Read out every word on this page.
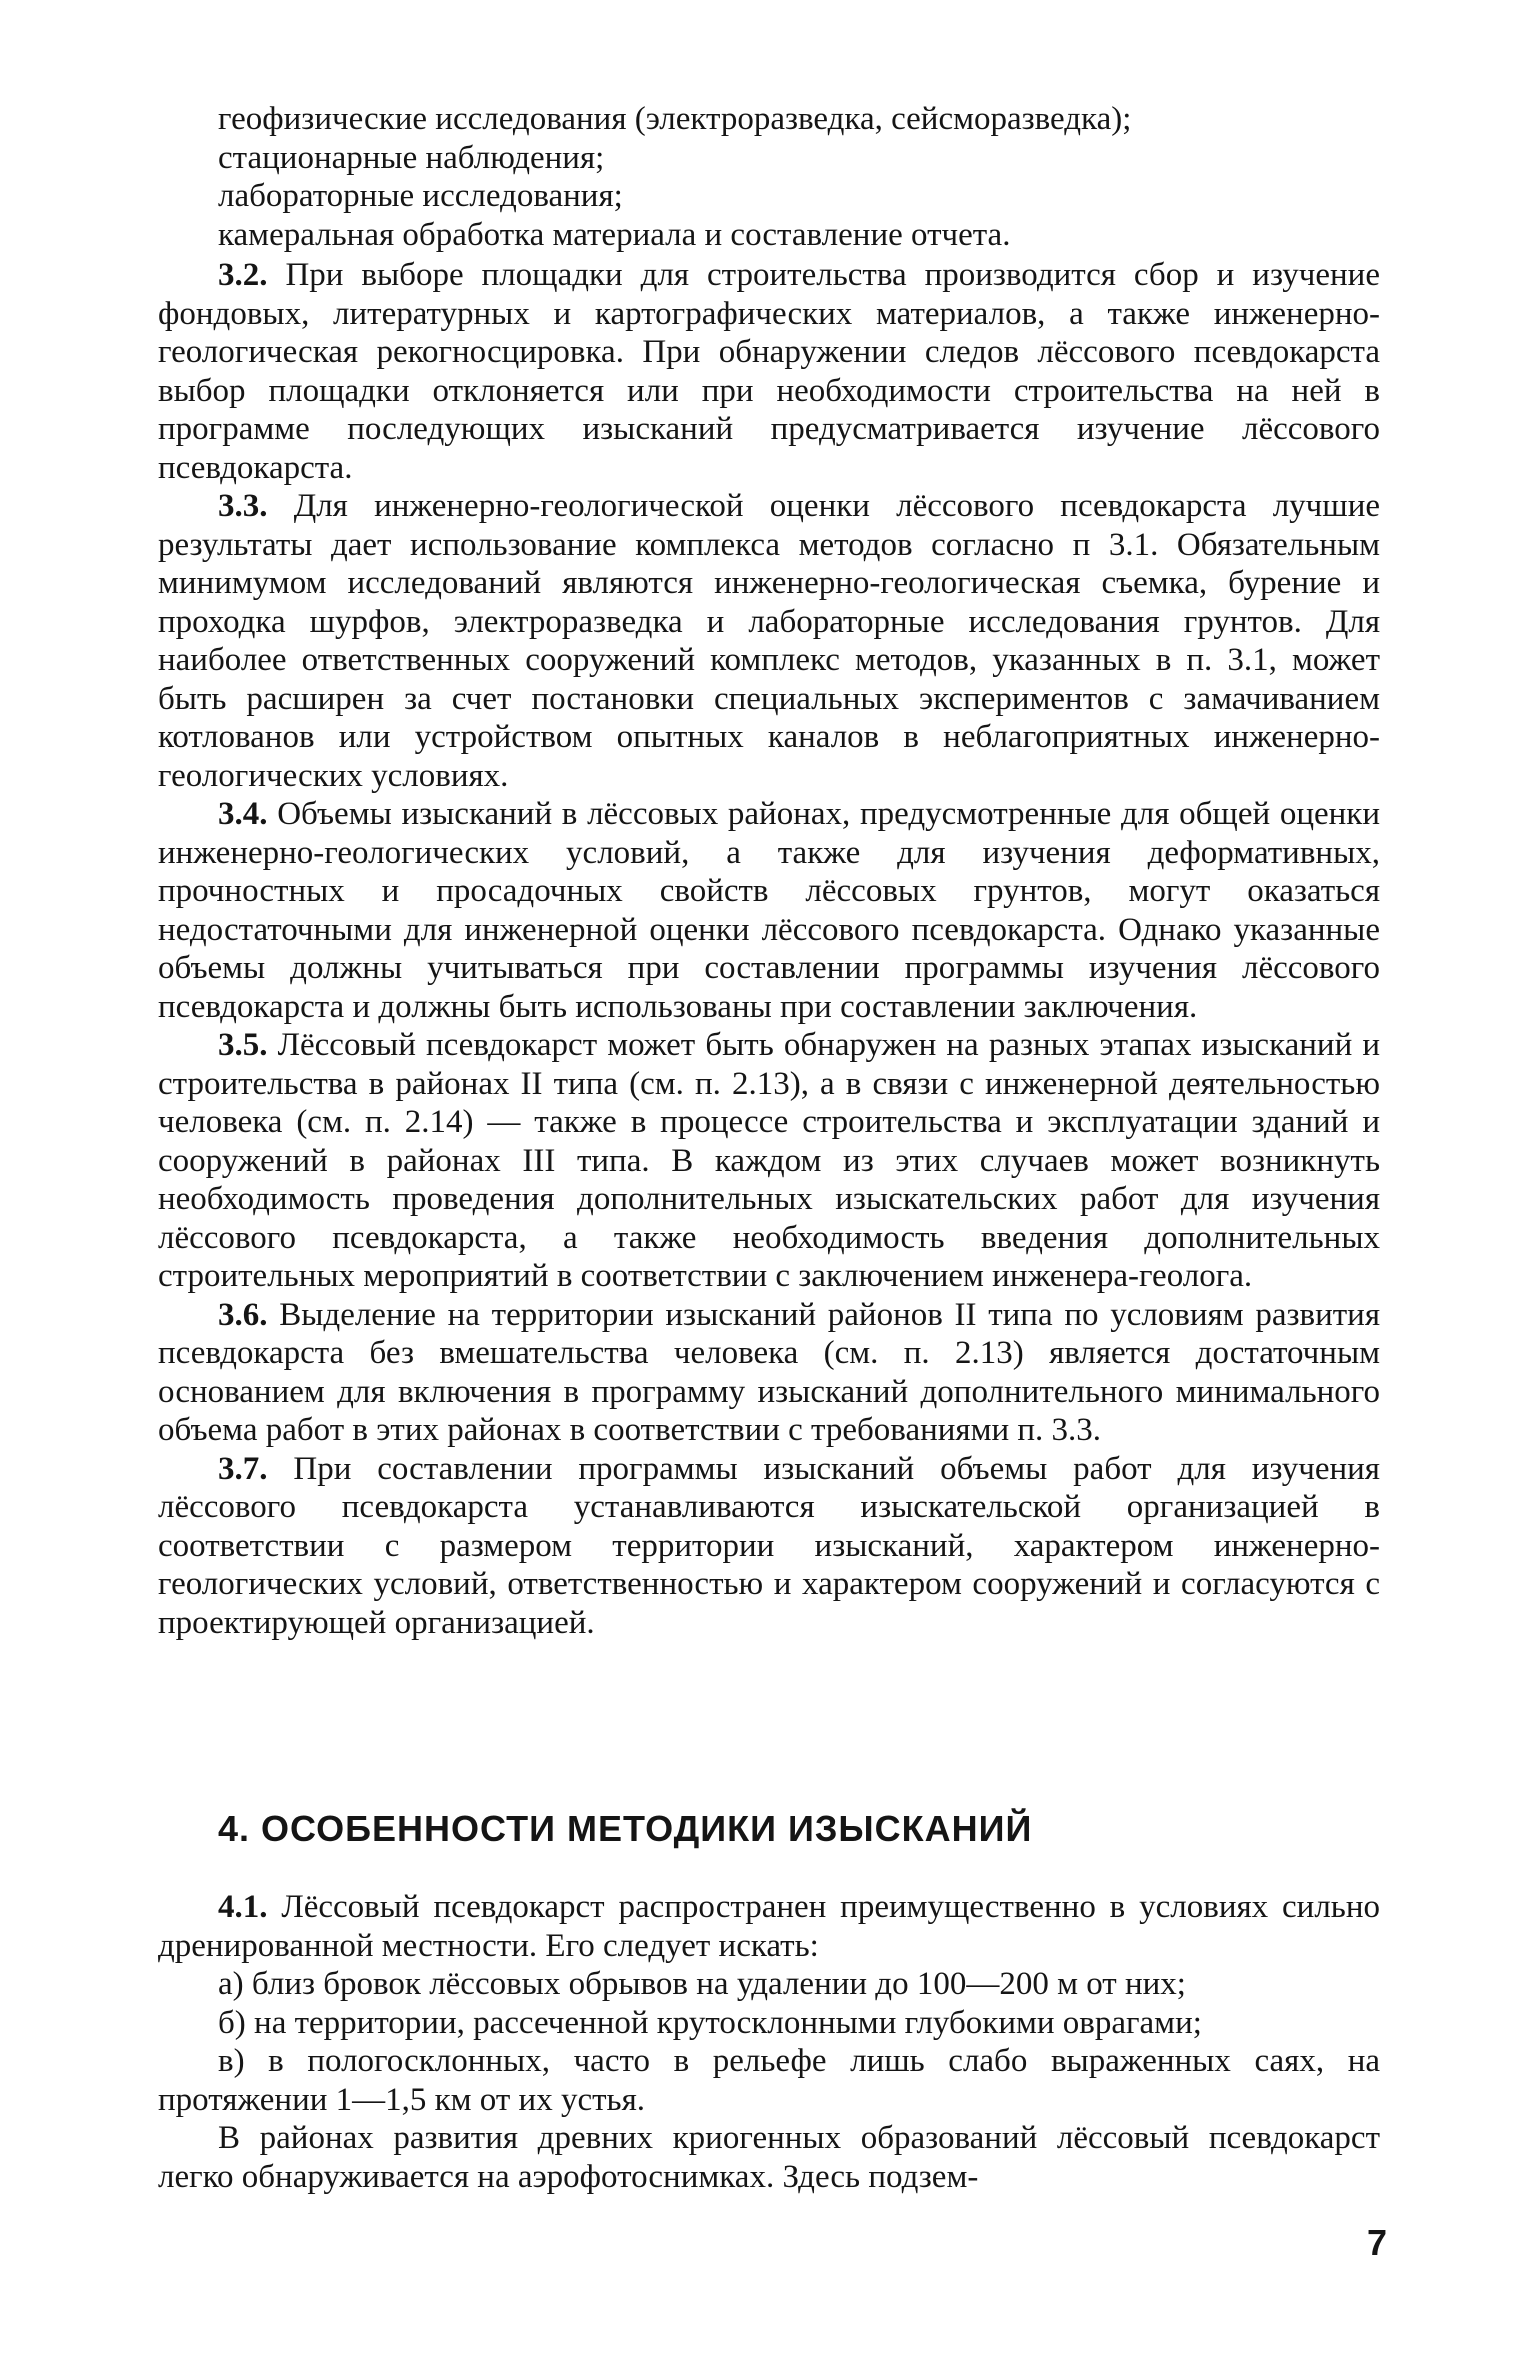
геофизические исследования (электроразведка, сейсморазведка);
стационарные наблюдения;
лабораторные исследования;
камеральная обработка материала и составление отчета.

3.2. При выборе площадки для строительства производится сбор и изучение фондовых, литературных и картографических материалов, а также инженерно-геологическая рекогносцировка. При обнаружении следов лёссового псевдокарста выбор площадки отклоняется или при необходимости строительства на ней в программе последующих изысканий предусматривается изучение лёссового псевдокарста.

3.3. Для инженерно-геологической оценки лёссового псевдокарста лучшие результаты дает использование комплекса методов согласно п 3.1. Обязательным минимумом исследований являются инженерно-геологическая съемка, бурение и проходка шурфов, электроразведка и лабораторные исследования грунтов. Для наиболее ответственных сооружений комплекс методов, указанных в п. 3.1, может быть расширен за счет постановки специальных экспериментов с замачиванием котлованов или устройством опытных каналов в неблагоприятных инженерно-геологических условиях.

3.4. Объемы изысканий в лёссовых районах, предусмотренные для общей оценки инженерно-геологических условий, а также для изучения деформативных, прочностных и просадочных свойств лёссовых грунтов, могут оказаться недостаточными для инженерной оценки лёссового псевдокарста. Однако указанные объемы должны учитываться при составлении программы изучения лёссового псевдокарста и должны быть использованы при составлении заключения.

3.5. Лёссовый псевдокарст может быть обнаружен на разных этапах изысканий и строительства в районах II типа (см. п. 2.13), а в связи с инженерной деятельностью человека (см. п. 2.14) — также в процессе строительства и эксплуатации зданий и сооружений в районах III типа. В каждом из этих случаев может возникнуть необходимость проведения дополнительных изыскательских работ для изучения лёссового псевдокарста, а также необходимость введения дополнительных строительных мероприятий в соответствии с заключением инженера-геолога.

3.6. Выделение на территории изысканий районов II типа по условиям развития псевдокарста без вмешательства человека (см. п. 2.13) является достаточным основанием для включения в программу изысканий дополнительного минимального объема работ в этих районах в соответствии с требованиями п. 3.3.

3.7. При составлении программы изысканий объемы работ для изучения лёссового псевдокарста устанавливаются изыскательской организацией в соответствии с размером территории изысканий, характером инженерно-геологических условий, ответственностью и характером сооружений и согласуются с проектирующей организацией.

4. ОСОБЕННОСТИ МЕТОДИКИ ИЗЫСКАНИЙ

4.1. Лёссовый псевдокарст распространен преимущественно в условиях сильно дренированной местности. Его следует искать:

а) близ бровок лёссовых обрывов на удалении до 100—200 м от них;
б) на территории, рассеченной крутосклонными глубокими оврагами;
в) в пологосклонных, часто в рельефе лишь слабо выраженных саях, на протяжении 1—1,5 км от их устья.

В районах развития древних криогенных образований лёссовый псевдокарст легко обнаруживается на аэрофотоснимках. Здесь подзем-

7
